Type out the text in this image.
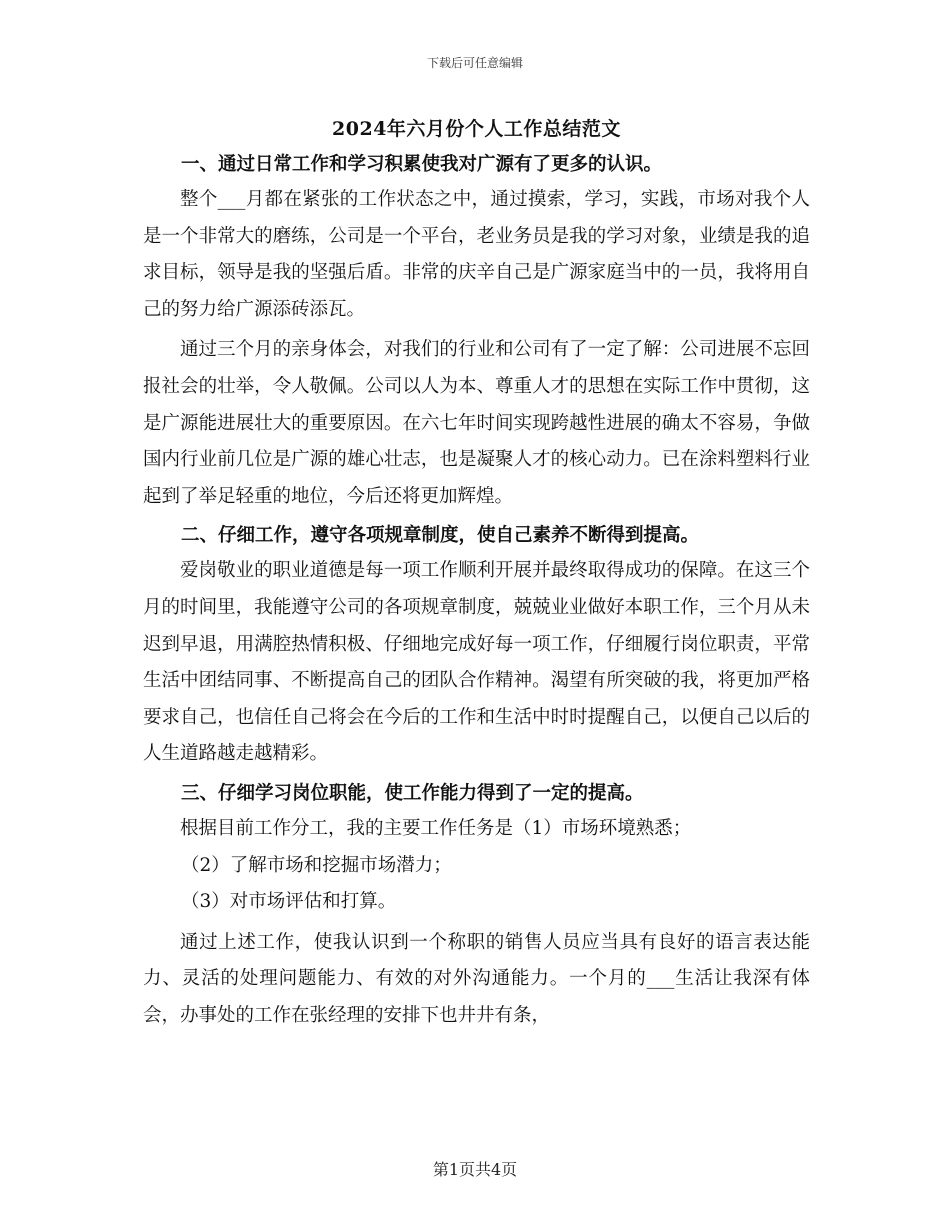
下载后可任意编辑
2024年六月份个人工作总结范文
一、通过日常工作和学习积累使我对广源有了更多的认识。

整个___月都在紧张的工作状态之中，通过摸索，学习，实践，市场对我个人是一个非常大的磨练，公司是一个平台，老业务员是我的学习对象，业绩是我的追求目标，领导是我的坚强后盾。非常的庆辛自己是广源家庭当中的一员，我将用自己的努力给广源添砖添瓦。

通过三个月的亲身体会，对我们的行业和公司有了一定了解：公司进展不忘回报社会的壮举，令人敬佩。公司以人为本、尊重人才的思想在实际工作中贯彻，这是广源能进展壮大的重要原因。在六七年时间实现跨越性进展的确太不容易，争做国内行业前几位是广源的雄心壮志，也是凝聚人才的核心动力。已在涂料塑料行业起到了举足轻重的地位，今后还将更加辉煌。

二、仔细工作，遵守各项规章制度，使自己素养不断得到提高。

爱岗敬业的职业道德是每一项工作顺利开展并最终取得成功的保障。在这三个月的时间里，我能遵守公司的各项规章制度，兢兢业业做好本职工作，三个月从未迟到早退，用满腔热情积极、仔细地完成好每一项工作，仔细履行岗位职责，平常生活中团结同事、不断提高自己的团队合作精神。渴望有所突破的我，将更加严格要求自己，也信任自己将会在今后的工作和生活中时时提醒自己，以便自己以后的人生道路越走越精彩。

三、仔细学习岗位职能，使工作能力得到了一定的提高。

根据目前工作分工，我的主要工作任务是（1）市场环境熟悉；

（2）了解市场和挖掘市场潜力；

（3）对市场评估和打算。

通过上述工作，使我认识到一个称职的销售人员应当具有良好的语言表达能力、灵活的处理问题能力、有效的对外沟通能力。一个月的___生活让我深有体会，办事处的工作在张经理的安排下也井井有条，

第1页共4页
